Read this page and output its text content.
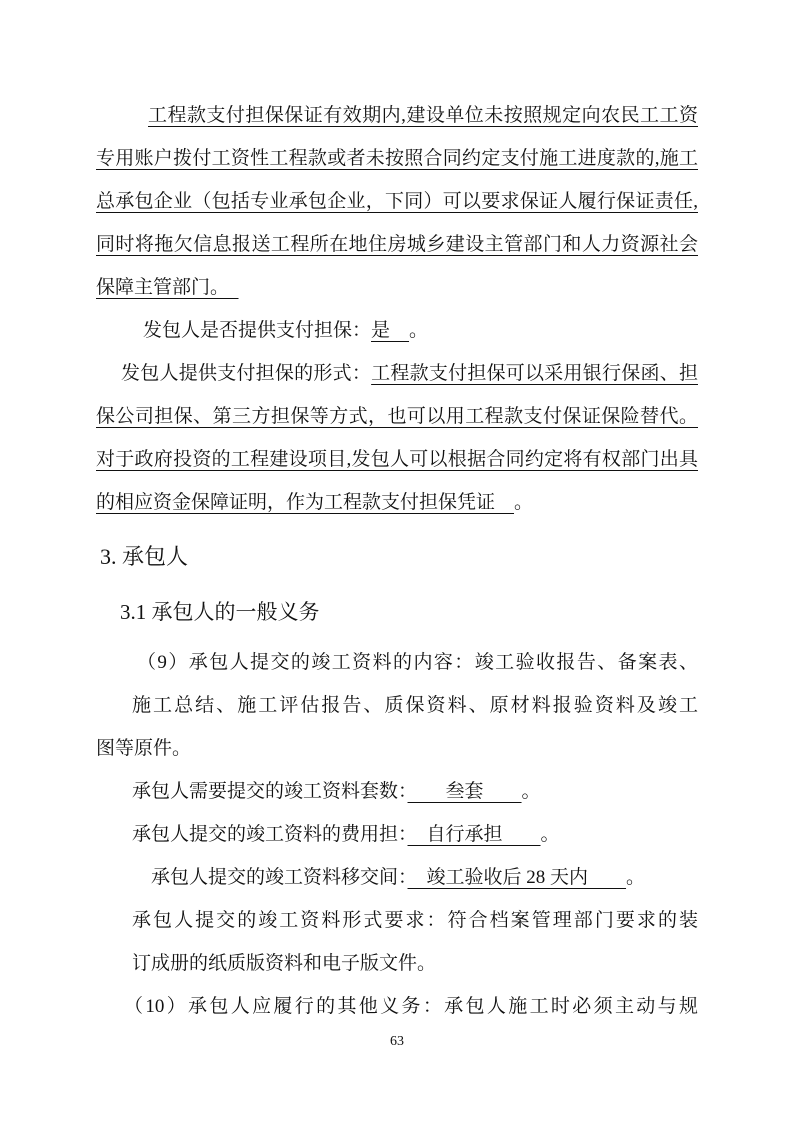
工程款支付担保保证有效期内,建设单位未按照规定向农民工工资
专用账户拨付工资性工程款或者未按照合同约定支付施工进度款的,施工
总承包企业（包括专业承包企业，下同）可以要求保证人履行保证责任,
同时将拖欠信息报送工程所在地住房城乡建设主管部门和人力资源社会
保障主管部门。　
发包人是否提供支付担保：是　。
发包人提供支付担保的形式：工程款支付担保可以采用银行保函、担
保公司担保、第三方担保等方式，也可以用工程款支付保证保险替代。
对于政府投资的工程建设项目,发包人可以根据合同约定将有权部门出具
的相应资金保障证明，作为工程款支付担保凭证　。
3. 承包人
3.1 承包人的一般义务
（9）承包人提交的竣工资料的内容：竣工验收报告、备案表、
施工总结、施工评估报告、质保资料、原材料报验资料及竣工
图等原件。
承包人需要提交的竣工资料套数：　　叁套　　。
承包人提交的竣工资料的费用担：　自行承担　　。
承包人提交的竣工资料移交间：　竣工验收后 28 天内　　。
承包人提交的竣工资料形式要求：符合档案管理部门要求的装
订成册的纸质版资料和电子版文件。
（10）承包人应履行的其他义务：承包人施工时必须主动与规
63
